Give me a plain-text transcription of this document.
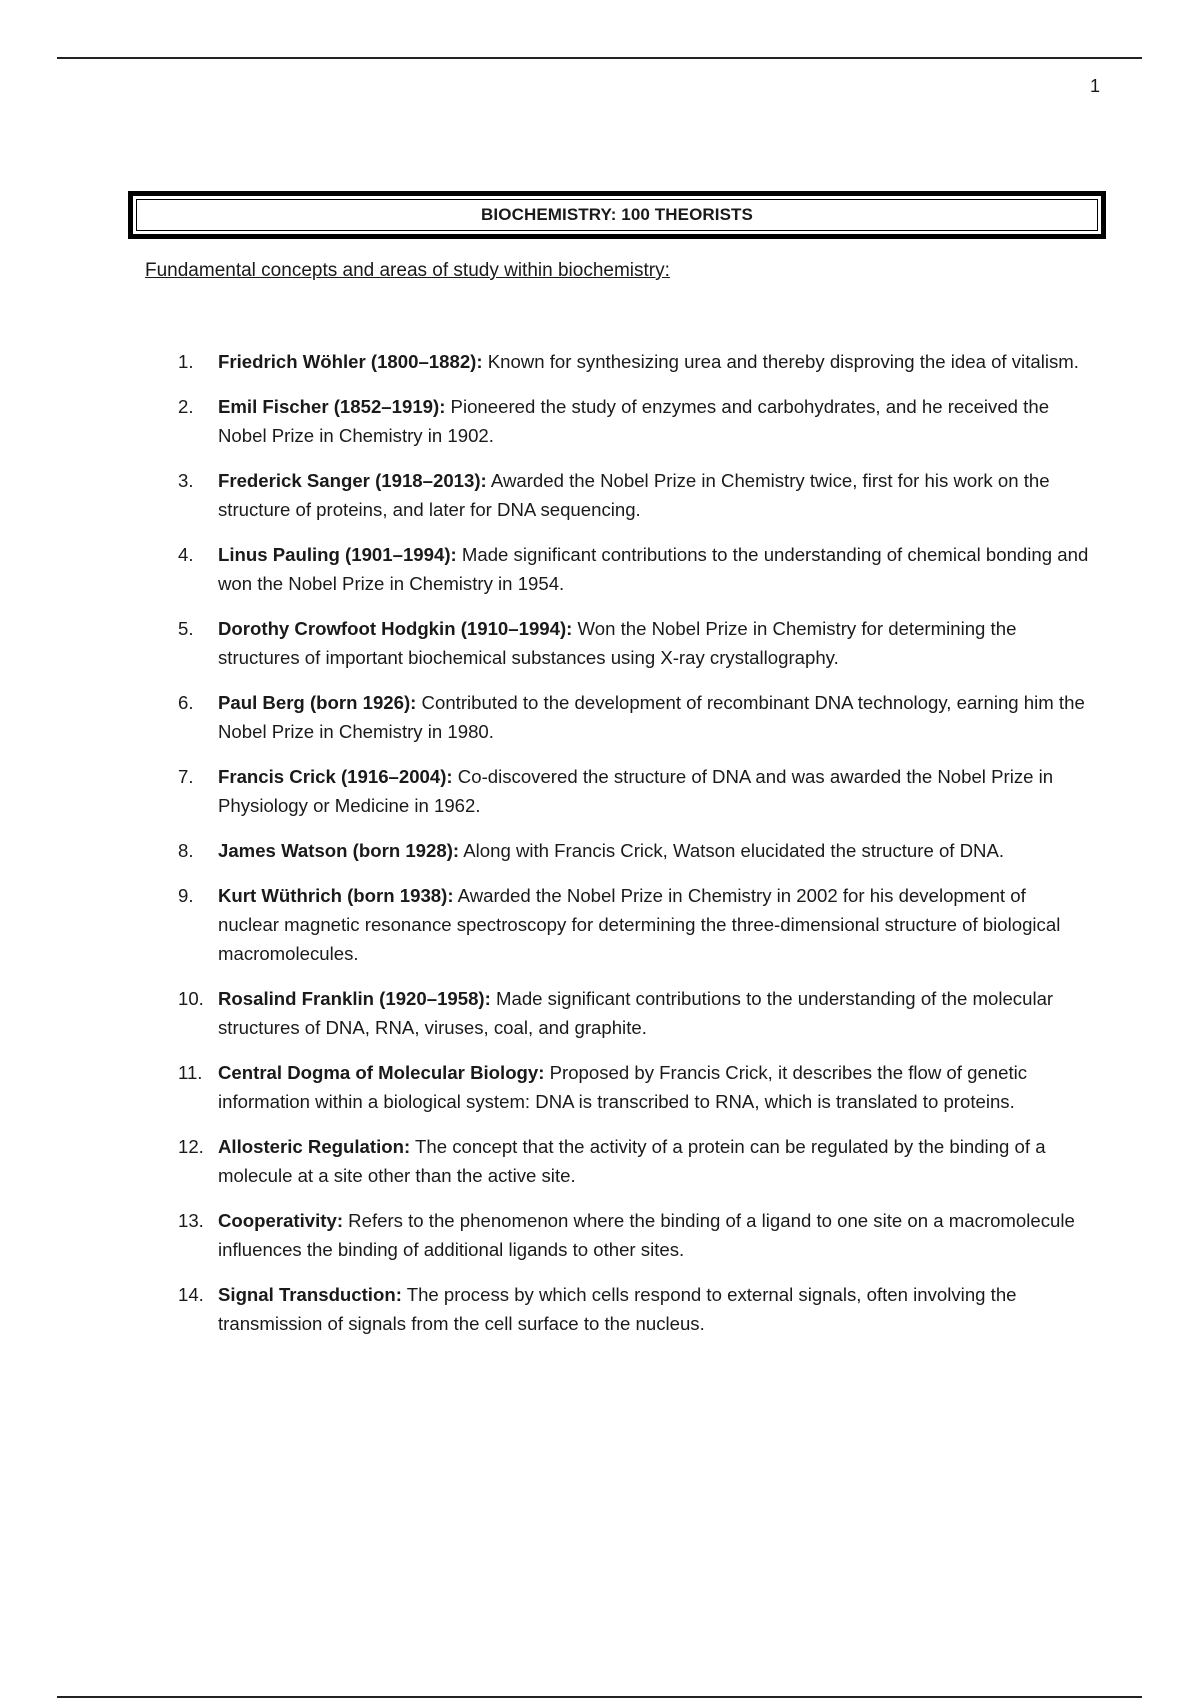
1
BIOCHEMISTRY: 100 THEORISTS
Fundamental concepts and areas of study within biochemistry:
1. Friedrich Wöhler (1800–1882): Known for synthesizing urea and thereby disproving the idea of vitalism.
2. Emil Fischer (1852–1919): Pioneered the study of enzymes and carbohydrates, and he received the Nobel Prize in Chemistry in 1902.
3. Frederick Sanger (1918–2013): Awarded the Nobel Prize in Chemistry twice, first for his work on the structure of proteins, and later for DNA sequencing.
4. Linus Pauling (1901–1994): Made significant contributions to the understanding of chemical bonding and won the Nobel Prize in Chemistry in 1954.
5. Dorothy Crowfoot Hodgkin (1910–1994): Won the Nobel Prize in Chemistry for determining the structures of important biochemical substances using X-ray crystallography.
6. Paul Berg (born 1926): Contributed to the development of recombinant DNA technology, earning him the Nobel Prize in Chemistry in 1980.
7. Francis Crick (1916–2004): Co-discovered the structure of DNA and was awarded the Nobel Prize in Physiology or Medicine in 1962.
8. James Watson (born 1928): Along with Francis Crick, Watson elucidated the structure of DNA.
9. Kurt Wüthrich (born 1938): Awarded the Nobel Prize in Chemistry in 2002 for his development of nuclear magnetic resonance spectroscopy for determining the three-dimensional structure of biological macromolecules.
10. Rosalind Franklin (1920–1958): Made significant contributions to the understanding of the molecular structures of DNA, RNA, viruses, coal, and graphite.
11. Central Dogma of Molecular Biology: Proposed by Francis Crick, it describes the flow of genetic information within a biological system: DNA is transcribed to RNA, which is translated to proteins.
12. Allosteric Regulation: The concept that the activity of a protein can be regulated by the binding of a molecule at a site other than the active site.
13. Cooperativity: Refers to the phenomenon where the binding of a ligand to one site on a macromolecule influences the binding of additional ligands to other sites.
14. Signal Transduction: The process by which cells respond to external signals, often involving the transmission of signals from the cell surface to the nucleus.
